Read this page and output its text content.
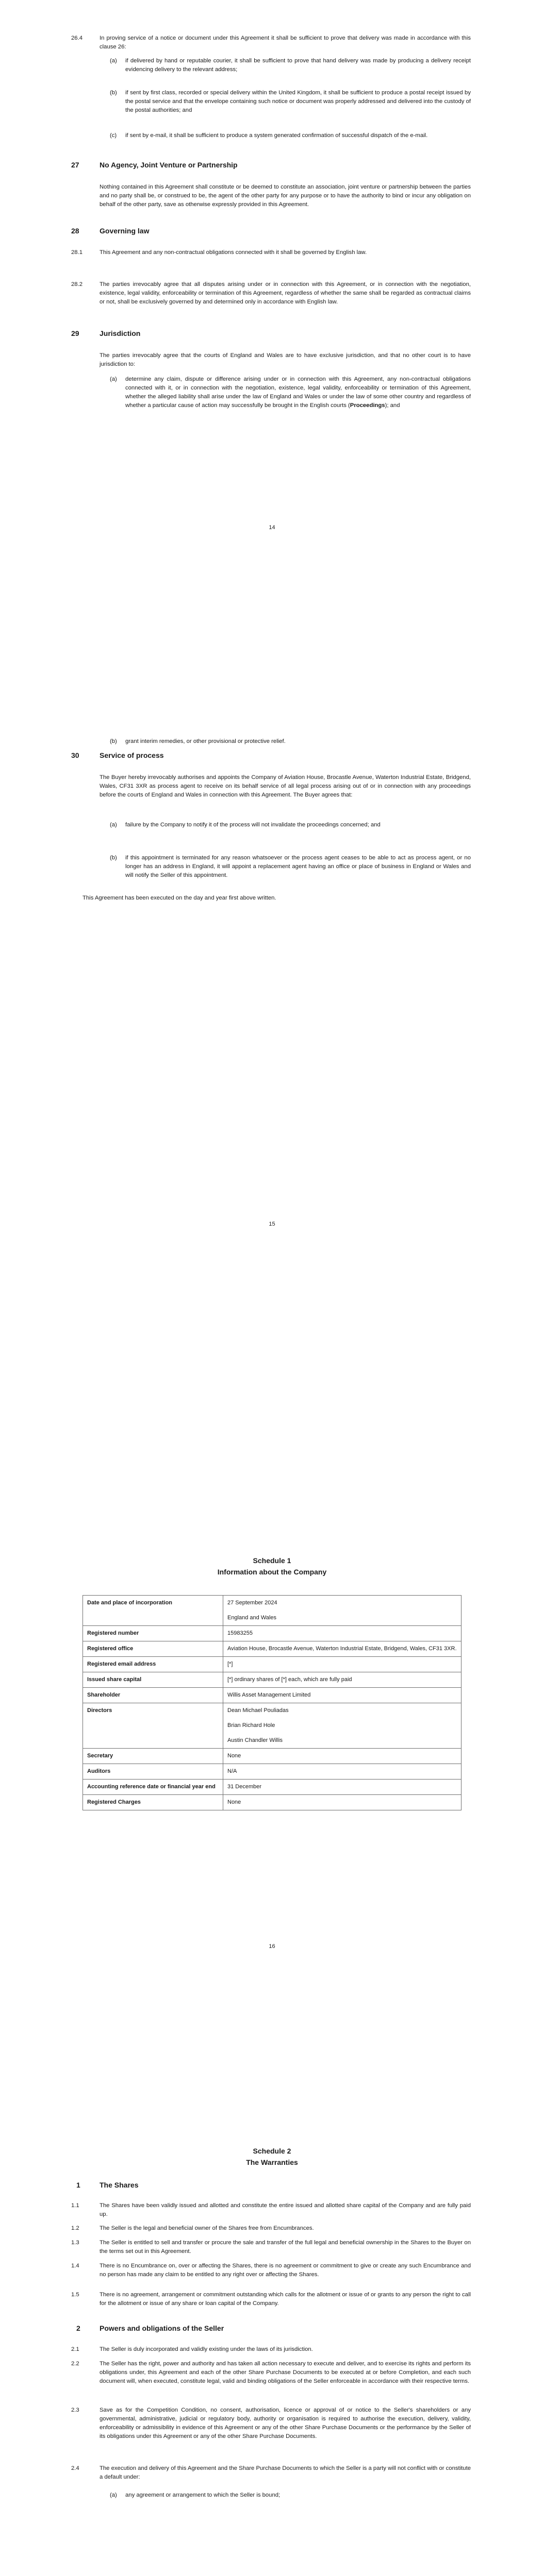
26.4	In proving service of a notice or document under this Agreement it shall be sufficient to prove that delivery was made in accordance with this clause 26:
(a) if delivered by hand or reputable courier, it shall be sufficient to prove that hand delivery was made by producing a delivery receipt evidencing delivery to the relevant address;
(b) if sent by first class, recorded or special delivery within the United Kingdom, it shall be sufficient to produce a postal receipt issued by the postal service and that the envelope containing such notice or document was properly addressed and delivered into the custody of the postal authorities; and
(c) if sent by e-mail, it shall be sufficient to produce a system generated confirmation of successful dispatch of the e-mail.
27	No Agency, Joint Venture or Partnership
Nothing contained in this Agreement shall constitute or be deemed to constitute an association, joint venture or partnership between the parties and no party shall be, or construed to be, the agent of the other party for any purpose or to have the authority to bind or incur any obligation on behalf of the other party, save as otherwise expressly provided in this Agreement.
28	Governing law
28.1	This Agreement and any non-contractual obligations connected with it shall be governed by English law.
28.2	The parties irrevocably agree that all disputes arising under or in connection with this Agreement, or in connection with the negotiation, existence, legal validity, enforceability or termination of this Agreement, regardless of whether the same shall be regarded as contractual claims or not, shall be exclusively governed by and determined only in accordance with English law.
29	Jurisdiction
The parties irrevocably agree that the courts of England and Wales are to have exclusive jurisdiction, and that no other court is to have jurisdiction to:
(a) determine any claim, dispute or difference arising under or in connection with this Agreement, any non-contractual obligations connected with it, or in connection with the negotiation, existence, legal validity, enforceability or termination of this Agreement, whether the alleged liability shall arise under the law of England and Wales or under the law of some other country and regardless of whether a particular cause of action may successfully be brought in the English courts (Proceedings); and
14
(b) grant interim remedies, or other provisional or protective relief.
30	Service of process
The Buyer hereby irrevocably authorises and appoints the Company of Aviation House, Brocastle Avenue, Waterton Industrial Estate, Bridgend, Wales, CF31 3XR as process agent to receive on its behalf service of all legal process arising out of or in connection with any proceedings before the courts of England and Wales in connection with this Agreement. The Buyer agrees that:
(a) failure by the Company to notify it of the process will not invalidate the proceedings concerned; and
(b) if this appointment is terminated for any reason whatsoever or the process agent ceases to be able to act as process agent, or no longer has an address in England, it will appoint a replacement agent having an office or place of business in England or Wales and will notify the Seller of this appointment.
This Agreement has been executed on the day and year first above written.
15
Schedule 1
Information about the Company
Date and place of incorporation	27 September 2024
England and Wales

Registered number	15983255

Registered office	Aviation House, Brocastle Avenue, Waterton Industrial Estate, Bridgend, Wales, CF31 3XR.

Registered email address	[*]

Issued share capital	[*] ordinary shares of [*] each, which are fully paid

Shareholder	Willis Asset Management Limited

Directors	Dean Michael Pouliadas
Brian Richard Hole
Austin Chandler Willis

Secretary	None

Auditors	N/A

Accounting reference date or financial year end	31 December

Registered Charges	None
16
Schedule 2
The Warranties
1	The Shares
1.1	The Shares have been validly issued and allotted and constitute the entire issued and allotted share capital of the Company and are fully paid up.
1.2	The Seller is the legal and beneficial owner of the Shares free from Encumbrances.
1.3	The Seller is entitled to sell and transfer or procure the sale and transfer of the full legal and beneficial ownership in the Shares to the Buyer on the terms set out in this Agreement.
1.4	There is no Encumbrance on, over or affecting the Shares, there is no agreement or commitment to give or create any such Encumbrance and no person has made any claim to be entitled to any right over or affecting the Shares.
1.5	There is no agreement, arrangement or commitment outstanding which calls for the allotment or issue of or grants to any person the right to call for the allotment or issue of any share or loan capital of the Company.
2	Powers and obligations of the Seller
2.1	The Seller is duly incorporated and validly existing under the laws of its jurisdiction.
2.2	The Seller has the right, power and authority and has taken all action necessary to execute and deliver, and to exercise its rights and perform its obligations under, this Agreement and each of the other Share Purchase Documents to be executed at or before Completion, and each such document will, when executed, constitute legal, valid and binding obligations of the Seller enforceable in accordance with their respective terms.
2.3	Save as for the Competition Condition, no consent, authorisation, licence or approval of or notice to the Seller's shareholders or any governmental, administrative, judicial or regulatory body, authority or organisation is required to authorise the execution, delivery, validity, enforceability or admissibility in evidence of this Agreement or any of the other Share Purchase Documents or the performance by the Seller of its obligations under this Agreement or any of the other Share Purchase Documents.
2.4	The execution and delivery of this Agreement and the Share Purchase Documents to which the Seller is a party will not conflict with or constitute a default under:
(a) any agreement or arrangement to which the Seller is bound;
